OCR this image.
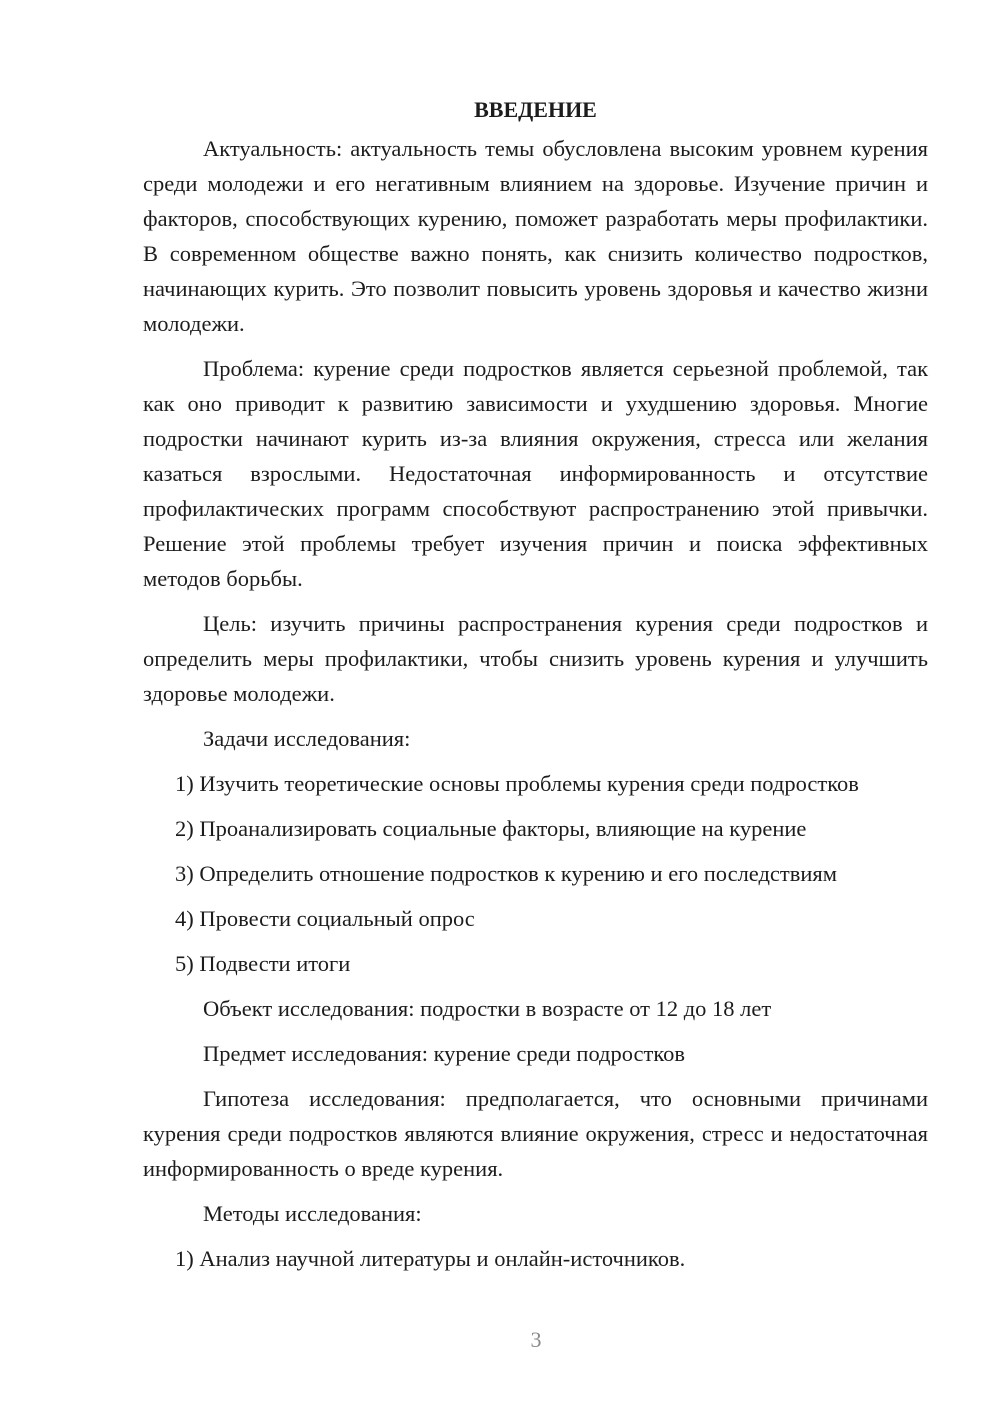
ВВЕДЕНИЕ

Актуальность: актуальность темы обусловлена высоким уровнем курения среди молодежи и его негативным влиянием на здоровье. Изучение причин и факторов, способствующих курению, поможет разработать меры профилактики. В современном обществе важно понять, как снизить количество подростков, начинающих курить. Это позволит повысить уровень здоровья и качество жизни молодежи.

Проблема: курение среди подростков является серьезной проблемой, так как оно приводит к развитию зависимости и ухудшению здоровья. Многие подростки начинают курить из-за влияния окружения, стресса или желания казаться взрослыми. Недостаточная информированность и отсутствие профилактических программ способствуют распространению этой привычки. Решение этой проблемы требует изучения причин и поиска эффективных методов борьбы.

Цель: изучить причины распространения курения среди подростков и определить меры профилактики, чтобы снизить уровень курения и улучшить здоровье молодежи.

Задачи исследования:
1) Изучить теоретические основы проблемы курения среди подростков
2) Проанализировать социальные факторы, влияющие на курение
3) Определить отношение подростков к курению и его последствиям
4) Провести социальный опрос
5) Подвести итоги
Объект исследования: подростки в возрасте от 12 до 18 лет
Предмет исследования: курение среди подростков

Гипотеза исследования: предполагается, что основными причинами курения среди подростков являются влияние окружения, стресс и недостаточная информированность о вреде курения.

Методы исследования:
1) Анализ научной литературы и онлайн-источников.
3
